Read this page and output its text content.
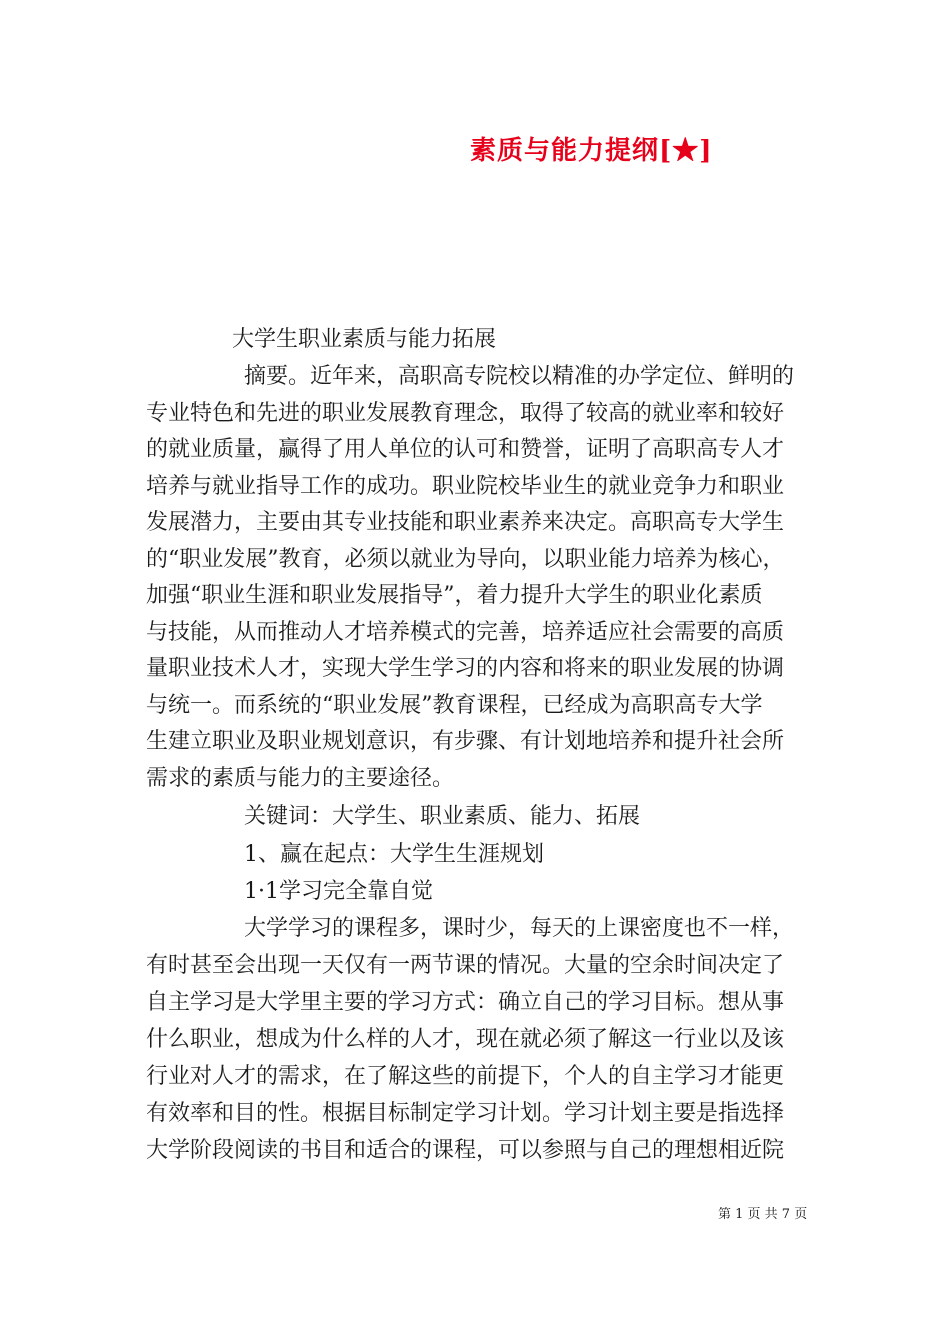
素质与能力提纲[★]

大学生职业素质与能力拓展

摘要。近年来，高职高专院校以精准的办学定位、鲜明的

专业特色和先进的职业发展教育理念，取得了较高的就业率和较好

的就业质量，赢得了用人单位的认可和赞誉，证明了高职高专人才

培养与就业指导工作的成功。职业院校毕业生的就业竞争力和职业

发展潜力，主要由其专业技能和职业素养来决定。高职高专大学生

的“职业发展”教育，必须以就业为导向，以职业能力培养为核心，

加强“职业生涯和职业发展指导”，着力提升大学生的职业化素质

与技能，从而推动人才培养模式的完善，培养适应社会需要的高质

量职业技术人才，实现大学生学习的内容和将来的职业发展的协调

与统一。而系统的“职业发展”教育课程，已经成为高职高专大学

生建立职业及职业规划意识，有步骤、有计划地培养和提升社会所

需求的素质与能力的主要途径。

关键词：大学生、职业素质、能力、拓展

1、赢在起点：大学生生涯规划

1·1学习完全靠自觉

大学学习的课程多，课时少，每天的上课密度也不一样，

有时甚至会出现一天仅有一两节课的情况。大量的空余时间决定了

自主学习是大学里主要的学习方式：确立自己的学习目标。想从事

什么职业，想成为什么样的人才，现在就必须了解这一行业以及该

行业对人才的需求，在了解这些的前提下，个人的自主学习才能更

有效率和目的性。根据目标制定学习计划。学习计划主要是指选择

大学阶段阅读的书目和适合的课程，可以参照与自己的理想相近院

第 1 页 共 7 页
